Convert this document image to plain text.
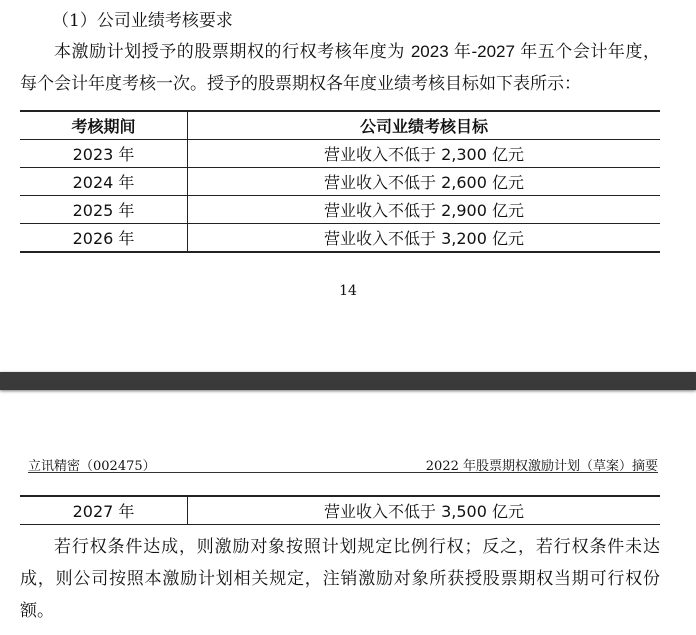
（1）公司业绩考核要求
本激励计划授予的股票期权的行权考核年度为 2023 年-2027 年五个会计年度，每个会计年度考核一次。授予的股票期权各年度业绩考核目标如下表所示：
考核期间	公司业绩考核目标
2023 年	营业收入不低于 2,300 亿元
2024 年	营业收入不低于 2,600 亿元
2025 年	营业收入不低于 2,900 亿元
2026 年	营业收入不低于 3,200 亿元
14
立讯精密（002475）	2022 年股票期权激励计划（草案）摘要
2027 年	营业收入不低于 3,500 亿元
若行权条件达成，则激励对象按照计划规定比例行权；反之，若行权条件未达成，则公司按照本激励计划相关规定，注销激励对象所获授股票期权当期可行权份额。
